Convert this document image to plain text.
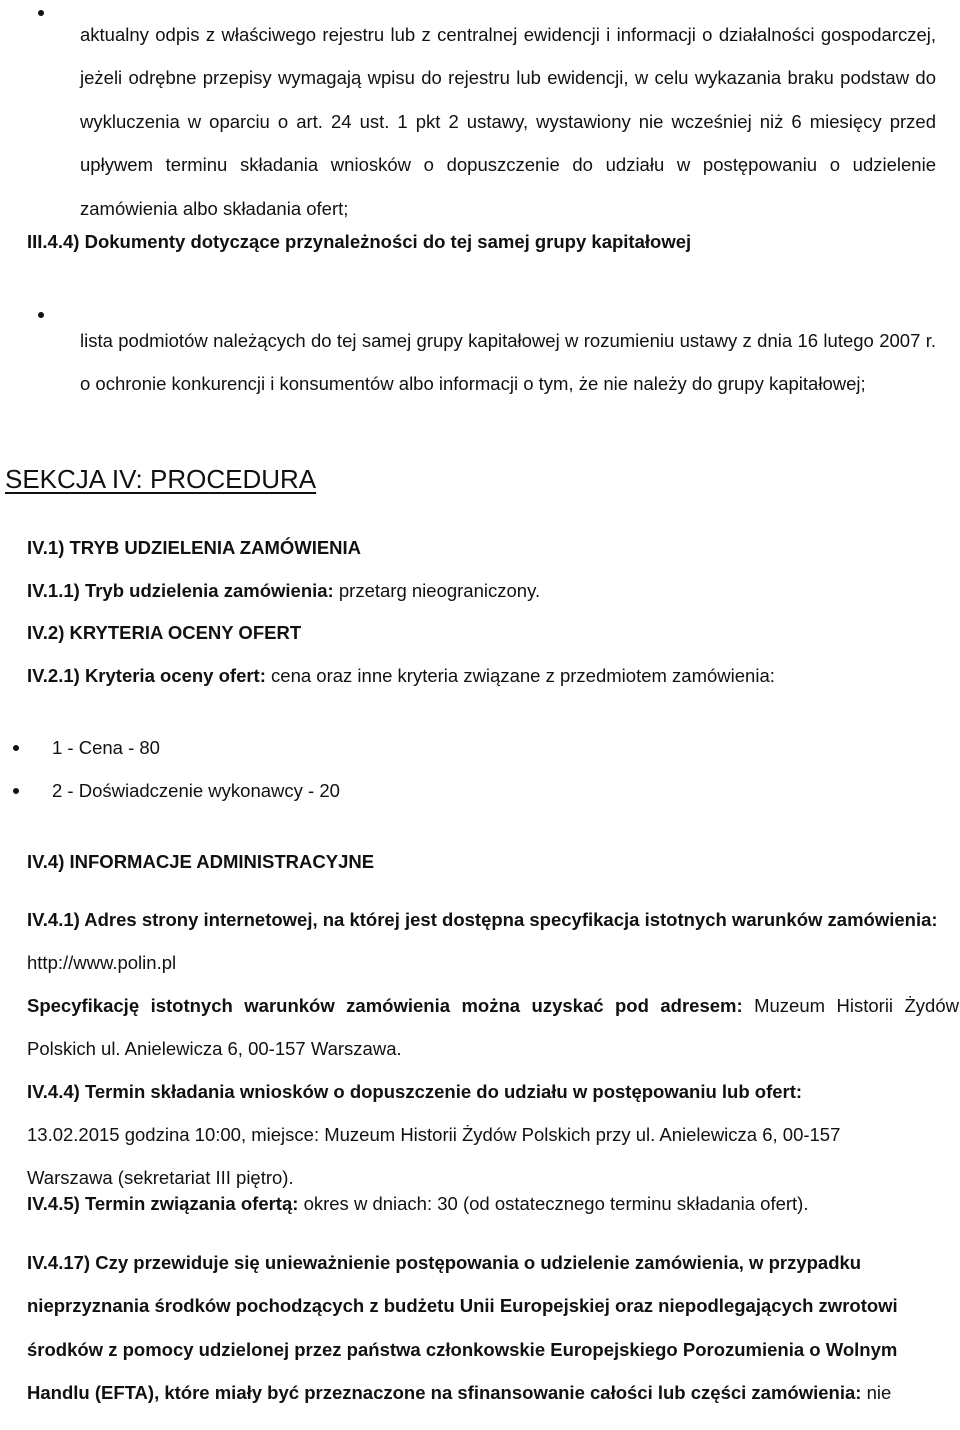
aktualny odpis z właściwego rejestru lub z centralnej ewidencji i informacji o działalności gospodarczej, jeżeli odrębne przepisy wymagają wpisu do rejestru lub ewidencji, w celu wykazania braku podstaw do wykluczenia w oparciu o art. 24 ust. 1 pkt 2 ustawy, wystawiony nie wcześniej niż 6 miesięcy przed upływem terminu składania wniosków o dopuszczenie do udziału w postępowaniu o udzielenie zamówienia albo składania ofert;

III.4.4) Dokumenty dotyczące przynależności do tej samej grupy kapitałowej

lista podmiotów należących do tej samej grupy kapitałowej w rozumieniu ustawy z dnia 16 lutego 2007 r. o ochronie konkurencji i konsumentów albo informacji o tym, że nie należy do grupy kapitałowej;

SEKCJA IV: PROCEDURA
IV.1) TRYB UDZIELENIA ZAMÓWIENIA
IV.1.1) Tryb udzielenia zamówienia: przetarg nieograniczony.
IV.2) KRYTERIA OCENY OFERT
IV.2.1) Kryteria oceny ofert: cena oraz inne kryteria związane z przedmiotem zamówienia:
1 - Cena - 80
2 - Doświadczenie wykonawcy - 20
IV.4) INFORMACJE ADMINISTRACYJNE

IV.4.1) Adres strony internetowej, na której jest dostępna specyfikacja istotnych warunków zamówienia: http://www.polin.pl

Specyfikację istotnych warunków zamówienia można uzyskać pod adresem: Muzeum Historii Żydów Polskich ul. Anielewicza 6, 00-157 Warszawa.

IV.4.4) Termin składania wniosków o dopuszczenie do udziału w postępowaniu lub ofert: 13.02.2015 godzina 10:00, miejsce: Muzeum Historii Żydów Polskich przy ul. Anielewicza 6, 00-157 Warszawa (sekretariat III piętro).

IV.4.5) Termin związania ofertą: okres w dniach: 30 (od ostatecznego terminu składania ofert).

IV.4.17) Czy przewiduje się unieważnienie postępowania o udzielenie zamówienia, w przypadku nieprzyznania środków pochodzących z budżetu Unii Europejskiej oraz niepodlegających zwrotowi środków z pomocy udzielonej przez państwa członkowskie Europejskiego Porozumienia o Wolnym Handlu (EFTA), które miały być przeznaczone na sfinansowanie całości lub części zamówienia: nie
